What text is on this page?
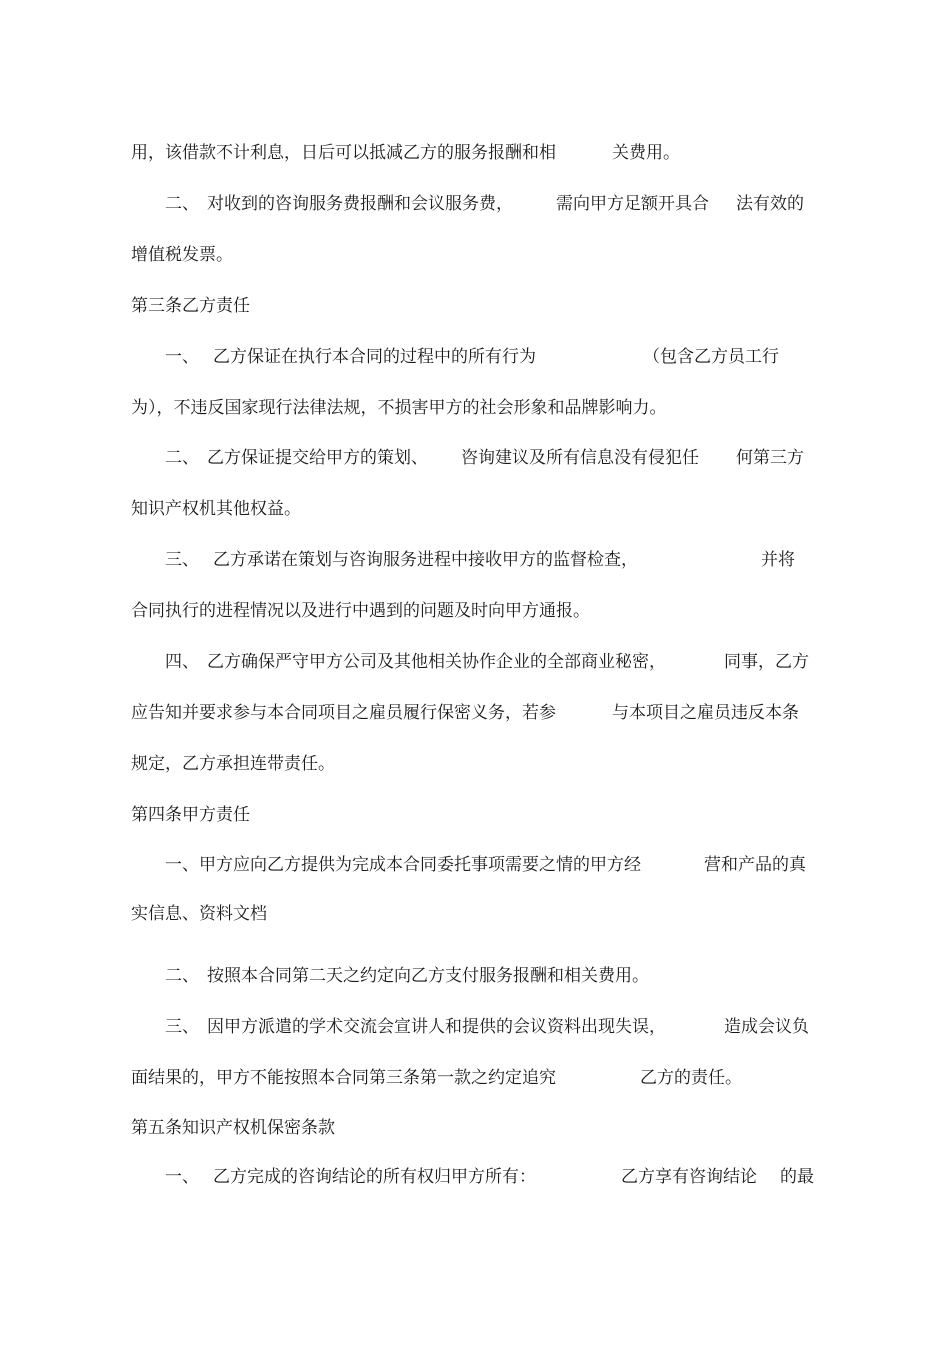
用，该借款不计利息，日后可以抵减乙方的服务报酬和相	关费用。
二、 对收到的咨询服务费报酬和会议服务费，	需向甲方足额开具合 法有效的
增值税发票。
第三条乙方责任
一、 乙方保证在执行本合同的过程中的所有行为	（包含乙方员工行
为），不违反国家现行法律法规，不损害甲方的社会形象和品牌影响力。
二、 乙方保证提交给甲方的策划、 咨询建议及所有信息没有侵犯任 何第三方
知识产权机其他权益。
三、 乙方承诺在策划与咨询服务进程中接收甲方的监督检查，	并将
合同执行的进程情况以及进行中遇到的问题及时向甲方通报。
四、 乙方确保严守甲方公司及其他相关协作企业的全部商业秘密，	同事，乙方
应告知并要求参与本合同项目之雇员履行保密义务，若参	与本项目之雇员违反本条
规定，乙方承担连带责任。
第四条甲方责任
一、甲方应向乙方提供为完成本合同委托事项需要之情的甲方经	营和产品的真
实信息、资料文档
二、 按照本合同第二天之约定向乙方支付服务报酬和相关费用。
三、 因甲方派遣的学术交流会宣讲人和提供的会议资料出现失误，	造成会议负
面结果的，甲方不能按照本合同第三条第一款之约定追究	乙方的责任。
第五条知识产权机保密条款
一、 乙方完成的咨询结论的所有权归甲方所有：	乙方享有咨询结论 的最
